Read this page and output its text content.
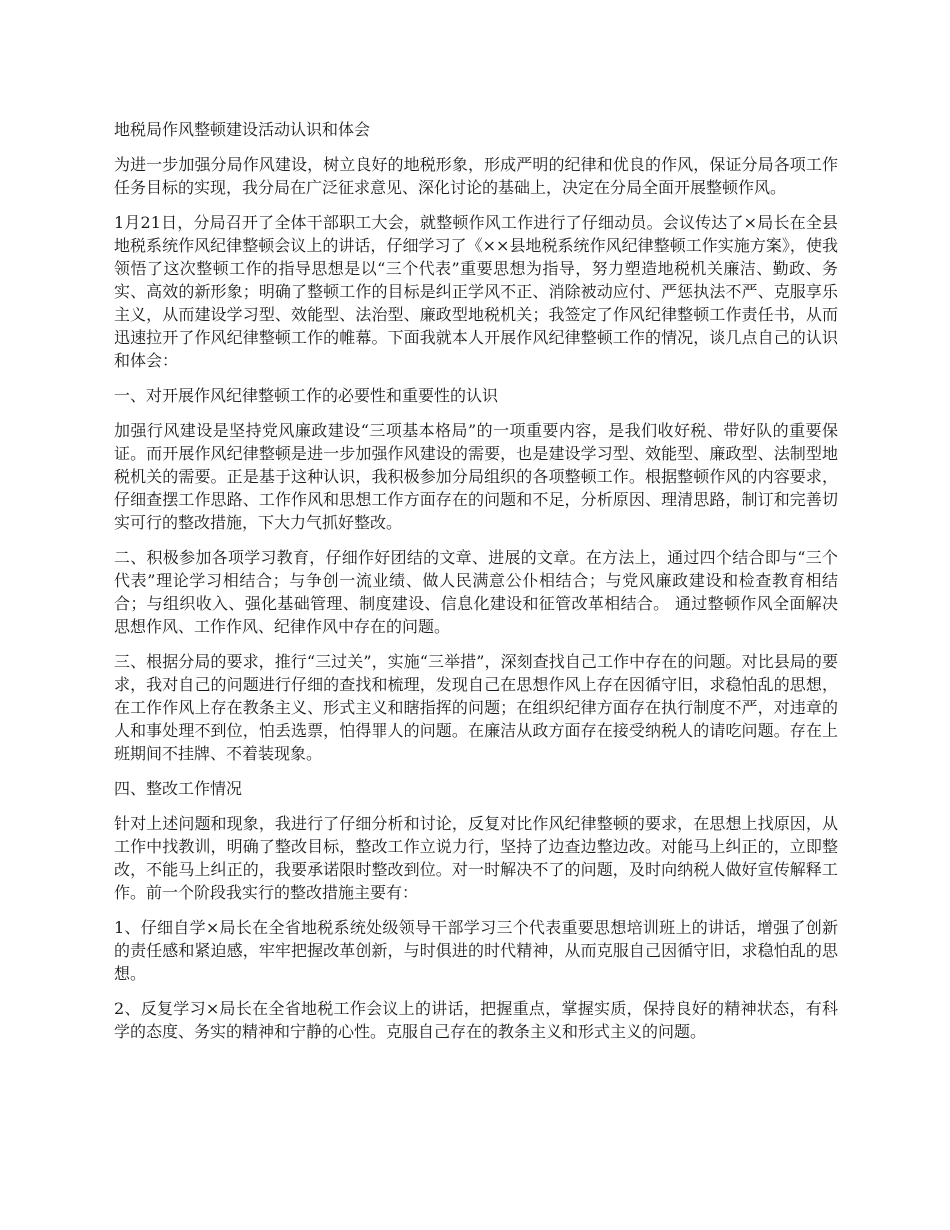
地税局作风整顿建设活动认识和体会

为进一步加强分局作风建设，树立良好的地税形象，形成严明的纪律和优良的作风，保证分局各项工作任务目标的实现，我分局在广泛征求意见、深化讨论的基础上，决定在分局全面开展整顿作风。

1月21日，分局召开了全体干部职工大会，就整顿作风工作进行了仔细动员。会议传达了×局长在全县地税系统作风纪律整顿会议上的讲话，仔细学习了《××县地税系统作风纪律整顿工作实施方案》，使我领悟了这次整顿工作的指导思想是以“三个代表”重要思想为指导，努力塑造地税机关廉洁、勤政、务实、高效的新形象；明确了整顿工作的目标是纠正学风不正、消除被动应付、严惩执法不严、克服享乐主义，从而建设学习型、效能型、法治型、廉政型地税机关；我签定了作风纪律整顿工作责任书，从而迅速拉开了作风纪律整顿工作的帷幕。下面我就本人开展作风纪律整顿工作的情况，谈几点自己的认识和体会：

一、对开展作风纪律整顿工作的必要性和重要性的认识

加强行风建设是坚持党风廉政建设“三项基本格局”的一项重要内容，是我们收好税、带好队的重要保证。而开展作风纪律整顿是进一步加强作风建设的需要，也是建设学习型、效能型、廉政型、法制型地税机关的需要。正是基于这种认识，我积极参加分局组织的各项整顿工作。根据整顿作风的内容要求，仔细查摆工作思路、工作作风和思想工作方面存在的问题和不足，分析原因、理清思路，制订和完善切实可行的整改措施，下大力气抓好整改。

二、积极参加各项学习教育，仔细作好团结的文章、进展的文章。在方法上，通过四个结合即与“三个代表”理论学习相结合；与争创一流业绩、做人民满意公仆相结合；与党风廉政建设和检查教育相结合；与组织收入、强化基础管理、制度建设、信息化建设和征管改革相结合。 通过整顿作风全面解决思想作风、工作作风、纪律作风中存在的问题。

三、根据分局的要求，推行“三过关”，实施“三举措”，深刻查找自己工作中存在的问题。对比县局的要求，我对自己的问题进行仔细的查找和梳理，发现自己在思想作风上存在因循守旧，求稳怕乱的思想，在工作作风上存在教条主义、形式主义和瞎指挥的问题；在组织纪律方面存在执行制度不严，对违章的人和事处理不到位，怕丢选票，怕得罪人的问题。在廉洁从政方面存在接受纳税人的请吃问题。存在上班期间不挂牌、不着装现象。

四、整改工作情况

针对上述问题和现象，我进行了仔细分析和讨论，反复对比作风纪律整顿的要求，在思想上找原因，从工作中找教训，明确了整改目标，整改工作立说力行，坚持了边查边整边改。对能马上纠正的，立即整改，不能马上纠正的，我要承诺限时整改到位。对一时解决不了的问题，及时向纳税人做好宣传解释工作。前一个阶段我实行的整改措施主要有：

1、仔细自学×局长在全省地税系统处级领导干部学习三个代表重要思想培训班上的讲话，增强了创新的责任感和紧迫感，牢牢把握改革创新，与时俱进的时代精神，从而克服自己因循守旧，求稳怕乱的思想。

2、反复学习×局长在全省地税工作会议上的讲话，把握重点，掌握实质，保持良好的精神状态，有科学的态度、务实的精神和宁静的心性。克服自己存在的教条主义和形式主义的问题。
